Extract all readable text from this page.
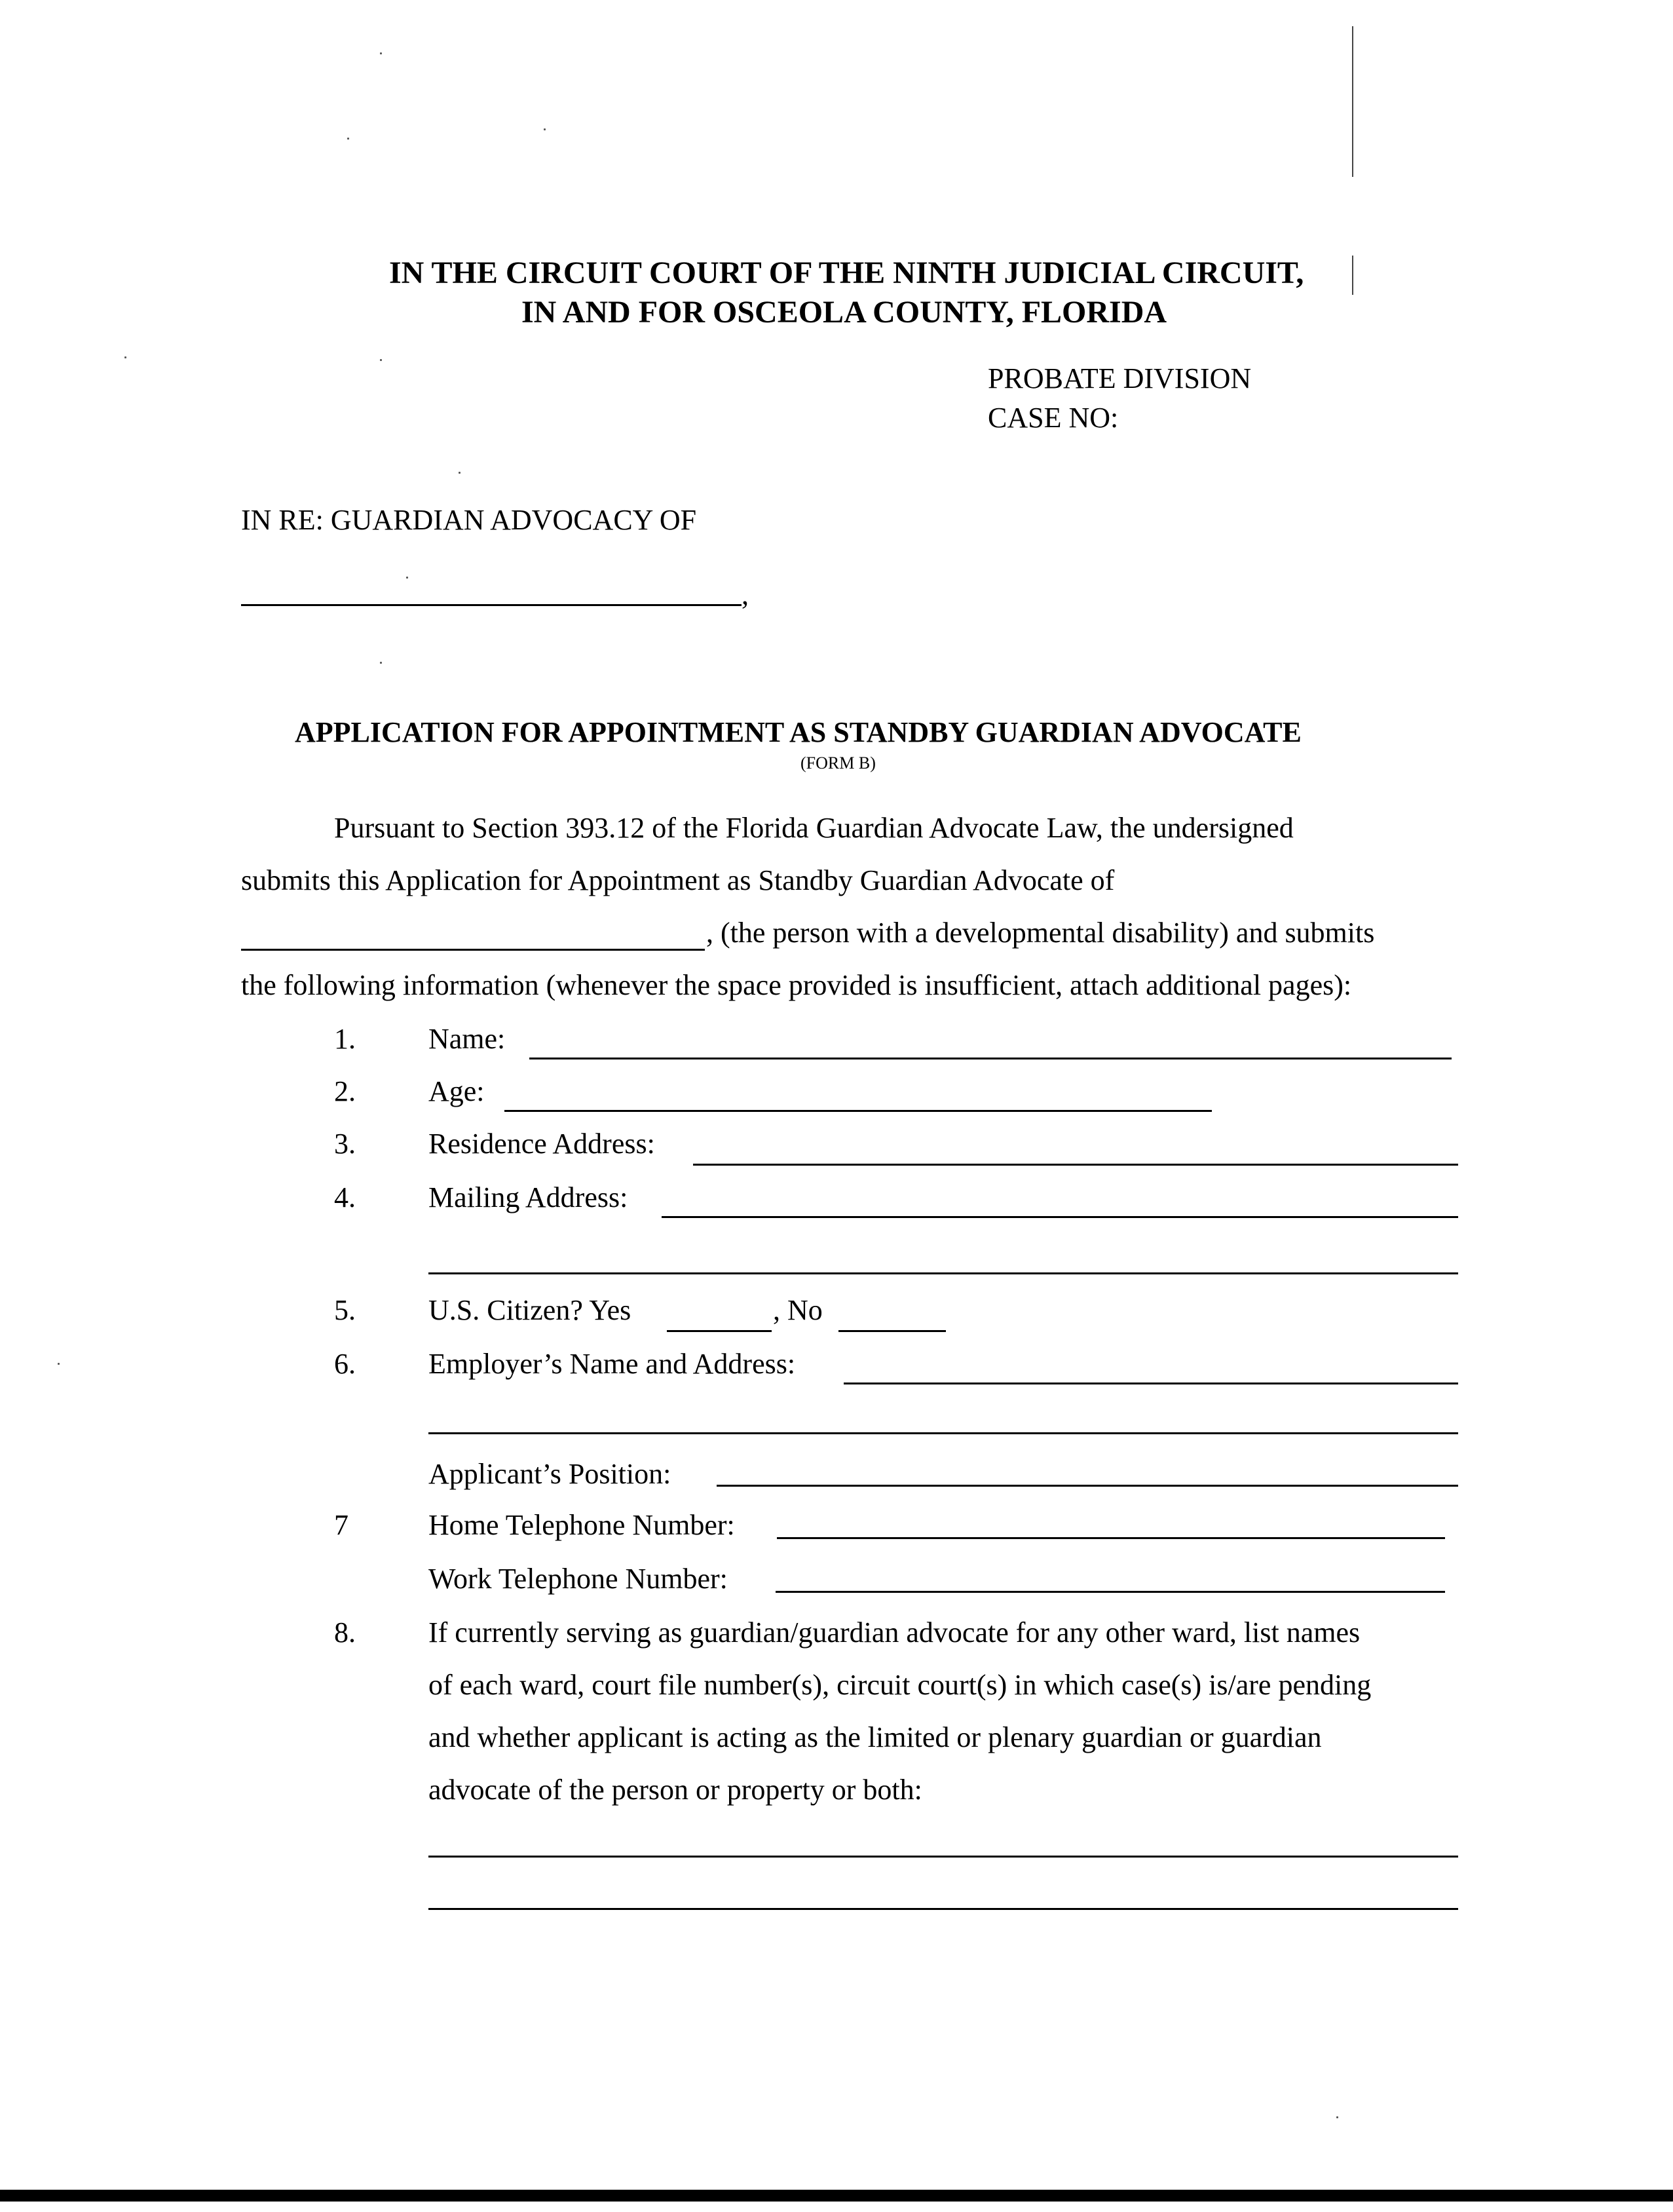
IN THE CIRCUIT COURT OF THE NINTH JUDICIAL CIRCUIT,
IN AND FOR OSCEOLA COUNTY, FLORIDA
PROBATE DIVISION
CASE NO:
IN RE: GUARDIAN ADVOCACY OF
,
APPLICATION FOR APPOINTMENT AS STANDBY GUARDIAN ADVOCATE
(FORM B)
Pursuant to Section 393.12 of the Florida Guardian Advocate Law, the undersigned
submits this Application for Appointment as Standby Guardian Advocate of
, (the person with a developmental disability) and submits
the following information (whenever the space provided is insufficient, attach additional pages):
1.	Name:
2.	Age:
3.	Residence Address:
4.	Mailing Address:
5.	U.S. Citizen? Yes	, No
6.	Employer’s Name and Address:
Applicant’s Position:
7	Home Telephone Number:
Work Telephone Number:
8.	If currently serving as guardian/guardian advocate for any other ward, list names
of each ward, court file number(s), circuit court(s) in which case(s) is/are pending
and whether applicant is acting as the limited or plenary guardian or guardian
advocate of the person or property or both:
